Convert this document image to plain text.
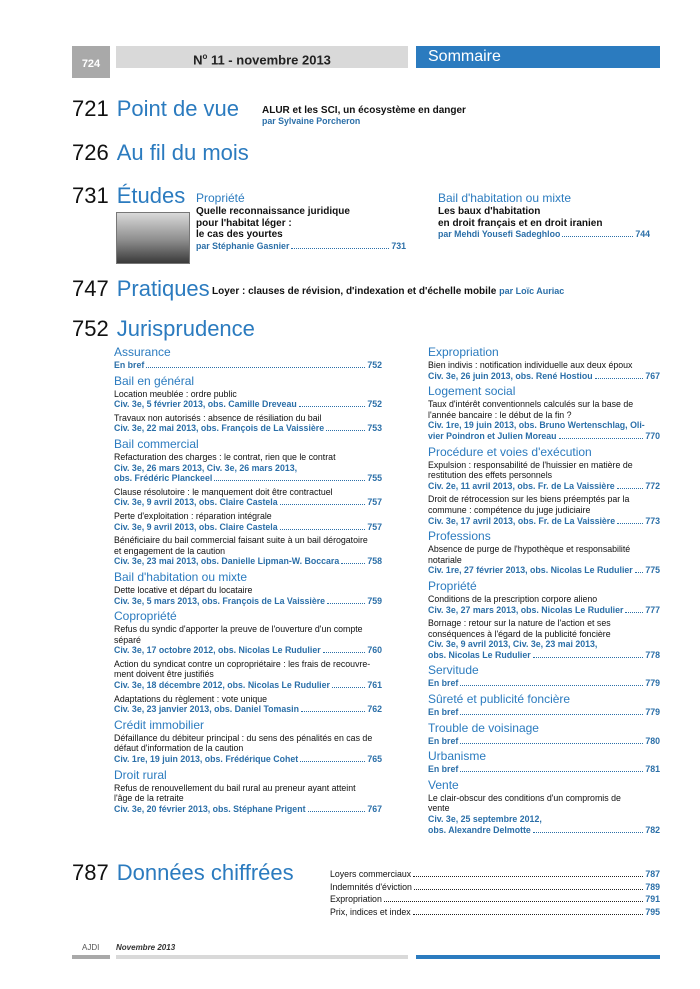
724	$N^o$ 11 - novembre 2013	Sommaire
721 Point de vue ALUR et les SCI, un écosystème en danger
par Sylvaine Porcheron
726 Au fil du mois
731 Études Propriété
Quelle reconnaissance juridique
pour l'habitat léger :
le cas des yourtes
par Stéphanie Gasnier	731
Bail d'habitation ou mixte
Les baux d'habitation
en droit français et en droit iranien
par Mehdi Yousefi Sadeghloo	744
747 Pratiques Loyer : clauses de révision, d'indexation et d'échelle mobile par Loïc Auriac
752 Jurisprudence
Assurance
En bref	752
Bail en général
Location meublée : ordre public
Civ. 3e, 5 février 2013, obs. Camille Dreveau	752
Travaux non autorisés : absence de résiliation du bail
Civ. 3e, 22 mai 2013, obs. François de La Vaissière	753
Bail commercial
Refacturation des charges : le contrat, rien que le contrat
Civ. 3e, 26 mars 2013, Civ. 3e, 26 mars 2013,
obs. Frédéric Planckeel	755
Clause résolutoire : le manquement doit être contractuel
Civ. 3e, 9 avril 2013, obs. Claire Castela	757
Perte d'exploitation : réparation intégrale
Civ. 3e, 9 avril 2013, obs. Claire Castela	757
Bénéficiaire du bail commercial faisant suite à un bail dérogatoire
et engagement de la caution
Civ. 3e, 23 mai 2013, obs. Danielle Lipman-W. Boccara	758
Bail d'habitation ou mixte
Dette locative et départ du locataire
Civ. 3e, 5 mars 2013, obs. François de La Vaissière	759
Copropriété
Refus du syndic d'apporter la preuve de l'ouverture d'un compte
séparé
Civ. 3e, 17 octobre 2012, obs. Nicolas Le Rudulier	760
Action du syndicat contre un copropriétaire : les frais de recouvre-
ment doivent être justifiés
Civ. 3e, 18 décembre 2012, obs. Nicolas Le Rudulier	761
Adaptations du règlement : vote unique
Civ. 3e, 23 janvier 2013, obs. Daniel Tomasin	762
Crédit immobilier
Défaillance du débiteur principal : du sens des pénalités en cas de
défaut d'information de la caution
Civ. 1re, 19 juin 2013, obs. Frédérique Cohet	765
Droit rural
Refus de renouvellement du bail rural au preneur ayant atteint
l'âge de la retraite
Civ. 3e, 20 février 2013, obs. Stéphane Prigent	767
Expropriation
Bien indivis : notification individuelle aux deux époux
Civ. 3e, 26 juin 2013, obs. René Hostiou	767
Logement social
Taux d'intérêt conventionnels calculés sur la base de
l'année bancaire : le début de la fin ?
Civ. 1re, 19 juin 2013, obs. Bruno Wertenschlag, Oli-
vier Poindron et Julien Moreau	770
Procédure et voies d'exécution
Expulsion : responsabilité de l'huissier en matière de
restitution des effets personnels
Civ. 2e, 11 avril 2013, obs. Fr. de La Vaissière	772
Droit de rétrocession sur les biens préemptés par la
commune : compétence du juge judiciaire
Civ. 3e, 17 avril 2013, obs. Fr. de La Vaissière	773
Professions
Absence de purge de l'hypothèque et responsabilité
notariale
Civ. 1re, 27 février 2013, obs. Nicolas Le Rudulier 775
Propriété
Conditions de la prescription corpore alieno
Civ. 3e, 27 mars 2013, obs. Nicolas Le Rudulier 777
Bornage : retour sur la nature de l'action et ses
conséquences à l'égard de la publicité foncière
Civ. 3e, 9 avril 2013, Civ. 3e, 23 mai 2013,
obs. Nicolas Le Rudulier	778
Servitude
En bref	779
Sûreté et publicité foncière
En bref	779
Trouble de voisinage
En bref	780
Urbanisme
En bref	781
Vente
Le clair-obscur des conditions d'un compromis de
vente
Civ. 3e, 25 septembre 2012,
obs. Alexandre Delmotte	782
787 Données chiffrées	Loyers commerciaux	787
Indemnités d'éviction	789
Expropriation	791
Prix, indices et index	795
AJDI Novembre 2013
